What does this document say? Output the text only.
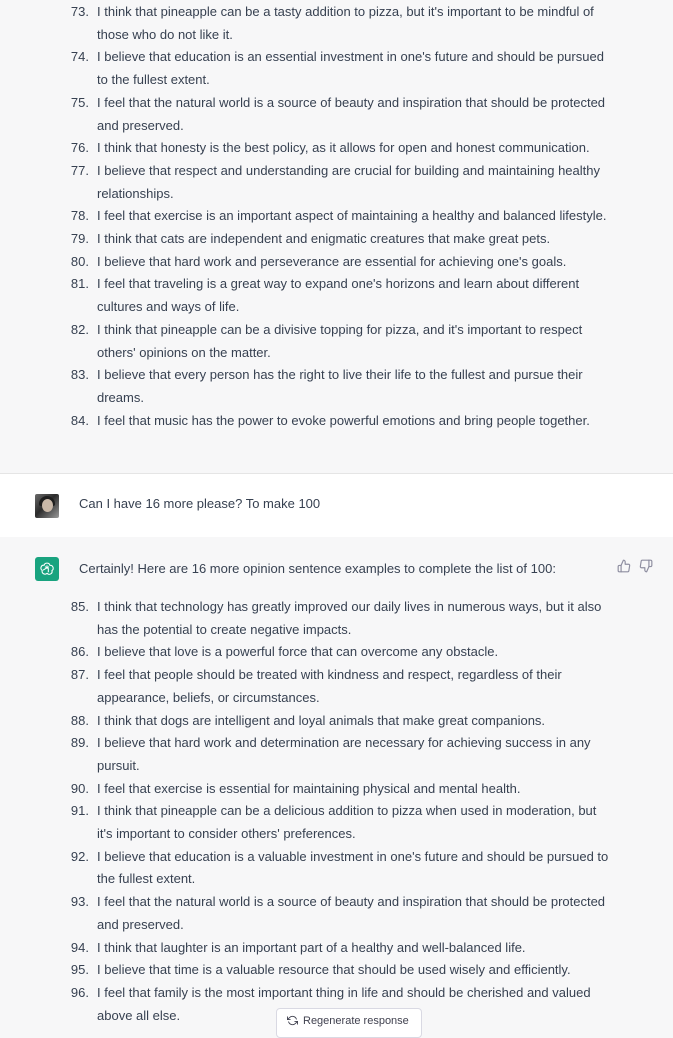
73. I think that pineapple can be a tasty addition to pizza, but it's important to be mindful of those who do not like it.
74. I believe that education is an essential investment in one's future and should be pursued to the fullest extent.
75. I feel that the natural world is a source of beauty and inspiration that should be protected and preserved.
76. I think that honesty is the best policy, as it allows for open and honest communication.
77. I believe that respect and understanding are crucial for building and maintaining healthy relationships.
78. I feel that exercise is an important aspect of maintaining a healthy and balanced lifestyle.
79. I think that cats are independent and enigmatic creatures that make great pets.
80. I believe that hard work and perseverance are essential for achieving one's goals.
81. I feel that traveling is a great way to expand one's horizons and learn about different cultures and ways of life.
82. I think that pineapple can be a divisive topping for pizza, and it's important to respect others' opinions on the matter.
83. I believe that every person has the right to live their life to the fullest and pursue their dreams.
84. I feel that music has the power to evoke powerful emotions and bring people together.
Can I have 16 more please? To make 100
Certainly! Here are 16 more opinion sentence examples to complete the list of 100:
85. I think that technology has greatly improved our daily lives in numerous ways, but it also has the potential to create negative impacts.
86. I believe that love is a powerful force that can overcome any obstacle.
87. I feel that people should be treated with kindness and respect, regardless of their appearance, beliefs, or circumstances.
88. I think that dogs are intelligent and loyal animals that make great companions.
89. I believe that hard work and determination are necessary for achieving success in any pursuit.
90. I feel that exercise is essential for maintaining physical and mental health.
91. I think that pineapple can be a delicious addition to pizza when used in moderation, but it's important to consider others' preferences.
92. I believe that education is a valuable investment in one's future and should be pursued to the fullest extent.
93. I feel that the natural world is a source of beauty and inspiration that should be protected and preserved.
94. I think that laughter is an important part of a healthy and well-balanced life.
95. I believe that time is a valuable resource that should be used wisely and efficiently.
96. I feel that family is the most important thing in life and should be cherished and valued above all else.	Regenerate response
